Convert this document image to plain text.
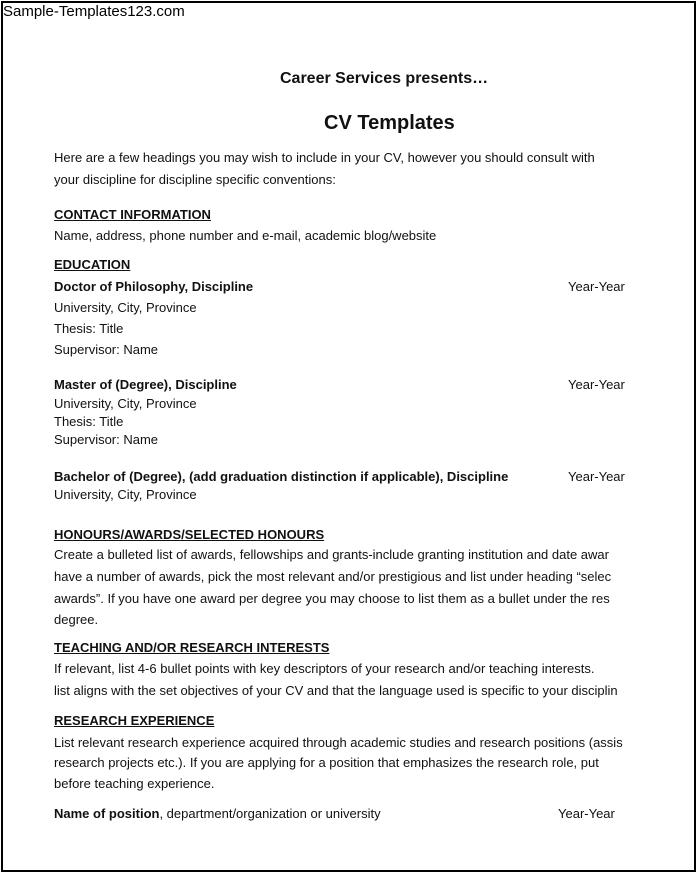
Sample-Templates123.com
Career Services presents…
CV Templates
Here are a few headings you may wish to include in your CV, however you should consult with
your discipline for discipline specific conventions:
CONTACT INFORMATION
Name, address, phone number and e-mail, academic blog/website
EDUCATION
Doctor of Philosophy, Discipline	Year-Year
University, City, Province
Thesis: Title
Supervisor: Name
Master of (Degree), Discipline	Year-Year
University, City, Province
Thesis: Title
Supervisor: Name
Bachelor of (Degree), (add graduation distinction if applicable), Discipline	Year-Year
University, City, Province
HONOURS/AWARDS/SELECTED HONOURS
Create a bulleted list of awards, fellowships and grants-include granting institution and date awar
have a number of awards, pick the most relevant and/or prestigious and list under heading “selec
awards”. If you have one award per degree you may choose to list them as a bullet under the res
degree.
TEACHING AND/OR RESEARCH INTERESTS
If relevant, list 4-6 bullet points with key descriptors of your research and/or teaching interests.
list aligns with the set objectives of your CV and that the language used is specific to your disciplin
RESEARCH EXPERIENCE
List relevant research experience acquired through academic studies and research positions (assis
research projects etc.). If you are applying for a position that emphasizes the research role, put
before teaching experience.
Name of position, department/organization or university	Year-Year
